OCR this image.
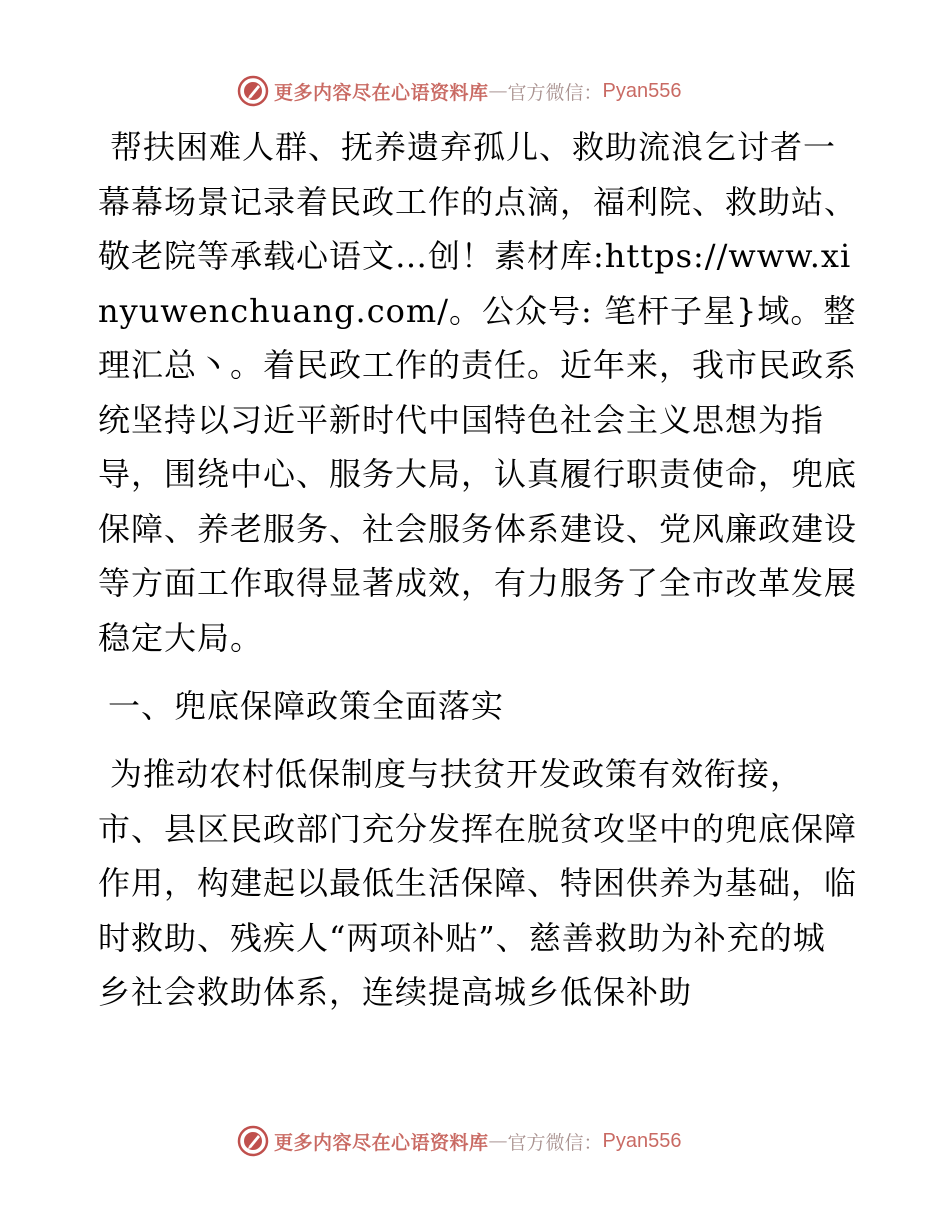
更多内容尽在心语资料库 — 官方微信： Pyan556

帮扶困难人群、抚养遗弃孤儿、救助流浪乞讨者一幕幕场景记录着民政工作的点滴，福利院、救助站、敬老院等承载心语文…创！素材库:https://www.xinyuwenchuang.com/。公众号: 笔杆子星}域。整理汇总丶。着民政工作的责任。近年来，我市民政系统坚持以习近平新时代中国特色社会主义思想为指导，围绕中心、服务大局，认真履行职责使命，兜底保障、养老服务、社会服务体系建设、党风廉政建设等方面工作取得显著成效，有力服务了全市改革发展稳定大局。

一、兜底保障政策全面落实

为推动农村低保制度与扶贫开发政策有效衔接，市、县区民政部门充分发挥在脱贫攻坚中的兜底保障作用，构建起以最低生活保障、特困供养为基础，临时救助、残疾人“两项补贴”、慈善救助为补充的城乡社会救助体系，连续提高城乡低保补助

更多内容尽在心语资料库 — 官方微信： Pyan556
